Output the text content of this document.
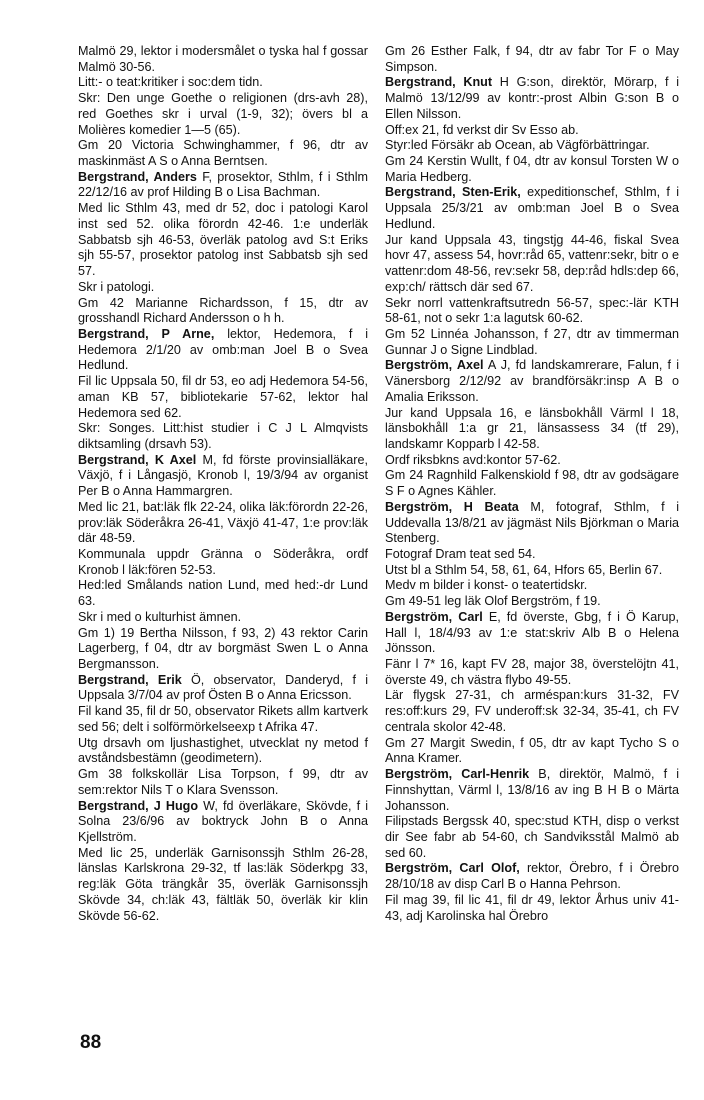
Malmö 29, lektor i modersmålet o tyska hal f gossar Malmö 30-56.

Litt:- o teat:kritiker i soc:dem tidn.

Skr: Den unge Goethe o religionen (drs-avh 28), red Goethes skr i urval (1-9, 32); övers bl a Molières komedier 1—5 (65).

Gm 20 Victoria Schwinghammer, f 96, dtr av maskinmäst A S o Anna Berntsen.

Bergstrand, Anders F, prosektor, Sthlm, f i Sthlm 22/12/16 av prof Hilding B o Lisa Bachman.

Med lic Sthlm 43, med dr 52, doc i patologi Karol inst sed 52. olika förordn 42-46. 1:e underläk Sabbatsb sjh 46-53, överläk patolog avd S:t Eriks sjh 55-57, prosektor patolog inst Sabbatsb sjh sed 57.

Skr i patologi.

Gm 42 Marianne Richardsson, f 15, dtr av grosshandl Richard Andersson o h h.

Bergstrand, P Arne, lektor, Hedemora, f i Hedemora 2/1/20 av omb:man Joel B o Svea Hedlund.

Fil lic Uppsala 50, fil dr 53, eo adj Hedemora 54-56, aman KB 57, bibliotekarie 57-62, lektor hal Hedemora sed 62.

Skr: Songes. Litt:hist studier i C J L Almqvists diktsamling (drsavh 53).

Bergstrand, K Axel M, fd förste provinsialläkare, Växjö, f i Långasjö, Kronob l, 19/3/94 av organist Per B o Anna Hammargren.

Med lic 21, bat:läk flk 22-24, olika läk:förordn 22-26, prov:läk Söderåkra 26-41, Växjö 41-47, 1:e prov:läk där 48-59.

Kommunala uppdr Gränna o Söderåkra, ordf Kronob l läk:fören 52-53.

Hed:led Smålands nation Lund, med hed:-dr Lund 63.

Skr i med o kulturhist ämnen.

Gm 1) 19 Bertha Nilsson, f 93, 2) 43 rektor Carin Lagerberg, f 04, dtr av borgmäst Swen L o Anna Bergmansson.

Bergstrand, Erik Ö, observator, Danderyd, f i Uppsala 3/7/04 av prof Östen B o Anna Ericsson.

Fil kand 35, fil dr 50, observator Rikets allm kartverk sed 56; delt i solförmörkelseexp t Afrika 47.

Utg drsavh om ljushastighet, utvecklat ny metod f avståndsbestämn (geodimetern).

Gm 38 folkskollär Lisa Torpson, f 99, dtr av sem:rektor Nils T o Klara Svensson.

Bergstrand, J Hugo W, fd överläkare, Skövde, f i Solna 23/6/96 av boktryck John B o Anna Kjellström.

Med lic 25, underläk Garnisonssjh Sthlm 26-28, länslas Karlskrona 29-32, tf las:läk Söderkpg 33, reg:läk Göta trängkår 35, överläk Garnisonssjh Skövde 34, ch:läk 43, fältläk 50, överläk kir klin Skövde 56-62.

Gm 26 Esther Falk, f 94, dtr av fabr Tor F o May Simpson.

Bergstrand, Knut H G:son, direktör, Mörarp, f i Malmö 13/12/99 av kontr:-prost Albin G:son B o Ellen Nilsson.

Off:ex 21, fd verkst dir Sv Esso ab.

Styr:led Försäkr ab Ocean, ab Vägförbättringar.

Gm 24 Kerstin Wullt, f 04, dtr av konsul Torsten W o Maria Hedberg.

Bergstrand, Sten-Erik, expeditionschef, Sthlm, f i Uppsala 25/3/21 av omb:man Joel B o Svea Hedlund.

Jur kand Uppsala 43, tingstjg 44-46, fiskal Svea hovr 47, assess 54, hovr:råd 65, vattenr:sekr, bitr o e vattenr:dom 48-56, rev:sekr 58, dep:råd hdls:dep 66, exp:ch/ rättsch där sed 67.

Sekr norrl vattenkraftsutredn 56-57, spec:-lär KTH 58-61, not o sekr 1:a lagutsk 60-62.

Gm 52 Linnéa Johansson, f 27, dtr av timmerman Gunnar J o Signe Lindblad.

Bergström, Axel A J, fd landskamrerare, Falun, f i Vänersborg 2/12/92 av brandförsäkr:insp A B o Amalia Eriksson.

Jur kand Uppsala 16, e länsbokhåll Värml l 18, länsbokhåll 1:a gr 21, länsassess 34 (tf 29), landskamr Kopparb l 42-58.

Ordf riksbkns avd:kontor 57-62.

Gm 24 Ragnhild Falkenskiold f 98, dtr av godsägare S F o Agnes Kähler.

Bergström, H Beata M, fotograf, Sthlm, f i Uddevalla 13/8/21 av jägmäst Nils Björkman o Maria Stenberg.

Fotograf Dram teat sed 54.

Utst bl a Sthlm 54, 58, 61, 64, Hfors 65, Berlin 67.

Medv m bilder i konst- o teatertidskr.

Gm 49-51 leg läk Olof Bergström, f 19.

Bergström, Carl E, fd överste, Gbg, f i Ö Karup, Hall l, 18/4/93 av 1:e stat:skriv Alb B o Helena Jönsson.

Fänr l 7* 16, kapt FV 28, major 38, överstelöjtn 41, överste 49, ch västra flybo 49-55.

Lär flygsk 27-31, ch arméspan:kurs 31-32, FV res:off:kurs 29, FV underoff:sk 32-34, 35-41, ch FV centrala skolor 42-48.

Gm 27 Margit Swedin, f 05, dtr av kapt Tycho S o Anna Kramer.

Bergström, Carl-Henrik B, direktör, Malmö, f i Finnshyttan, Värml l, 13/8/16 av ing B H B o Märta Johansson.

Filipstads Bergssk 40, spec:stud KTH, disp o verkst dir See fabr ab 54-60, ch Sandviksstål Malmö ab sed 60.

Bergström, Carl Olof, rektor, Örebro, f i Örebro 28/10/18 av disp Carl B o Hanna Pehrson.

Fil mag 39, fil lic 41, fil dr 49, lektor Århus univ 41-43, adj Karolinska hal Örebro

88
